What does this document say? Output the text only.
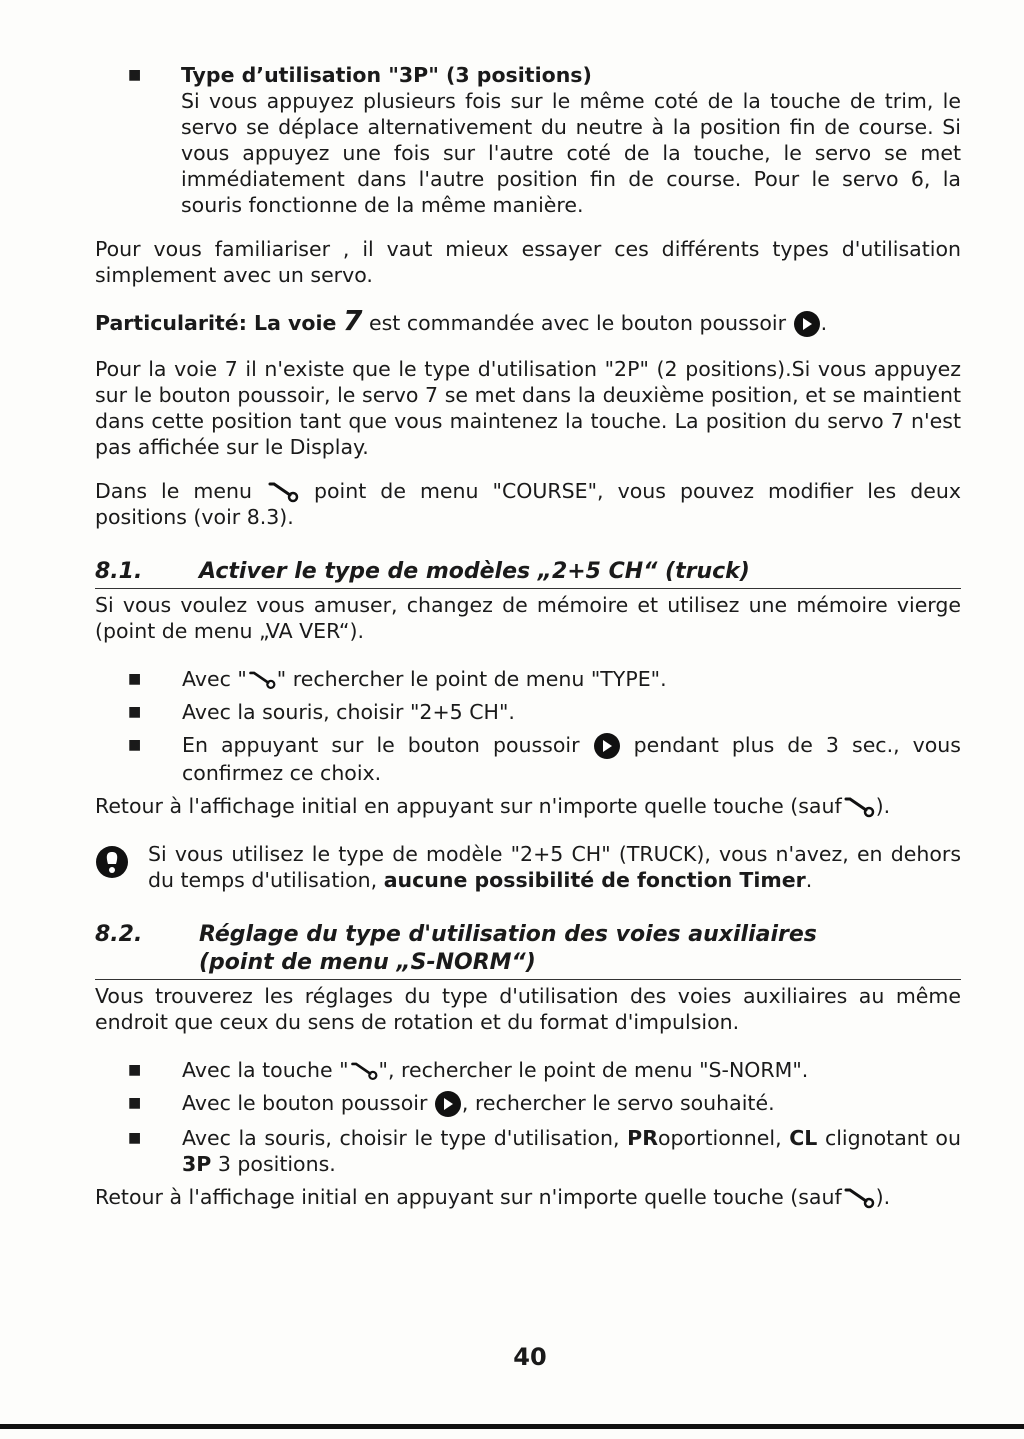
■ Type d’utilisation "3P" (3 positions)

Si vous appuyez plusieurs fois sur le même coté de la touche de trim, le servo se déplace alternativement du neutre à la position fin de course. Si vous appuyez une fois sur l'autre coté de la touche, le servo se met immédiatement dans l'autre position fin de course. Pour le servo 6, la souris fonctionne de la même manière.

Pour vous familiariser , il vaut mieux essayer ces différents types d'utilisation simplement avec un servo.

Particularité: La voie 7 est commandée avec le bouton poussoir .

Pour la voie 7 il n'existe que le type d'utilisation "2P" (2 positions).Si vous appuyez sur le bouton poussoir, le servo 7 se met dans la deuxième position, et se maintient dans cette position tant que vous maintenez la touche. La position du servo 7 n'est pas affichée sur le Display.

Dans le menu	point de menu "COURSE", vous pouvez modifier les deux positions (voir 8.3).

8.1.	Activer le type de modèles „2+5 CH“ (truck)

Si vous voulez vous amuser, changez de mémoire et utilisez une mémoire vierge (point de menu „VA VER“).

■ Avec " " rechercher le point de menu "TYPE".
■ Avec la souris, choisir "2+5 CH".
■ En appuyant sur le bouton poussoir	pendant plus de 3 sec., vous confirmez ce choix.

Retour à l'affichage initial en appuyant sur n'importe quelle touche (sauf ).

Si vous utilisez le type de modèle "2+5 CH" (TRUCK), vous n'avez, en dehors du temps d'utilisation, aucune possibilité de fonction Timer.

8.2.	Réglage du type d'utilisation des voies auxiliaires
(point de menu „S-NORM“)

Vous trouverez les réglages du type d'utilisation des voies auxiliaires au même endroit que ceux du sens de rotation et du format d'impulsion.

■ Avec la touche " ", rechercher le point de menu "S-NORM".
■ Avec le bouton poussoir , rechercher le servo souhaité.
■ Avec la souris, choisir le type d'utilisation, PRoportionnel, CL clignotant ou 3P 3 positions.

Retour à l'affichage initial en appuyant sur n'importe quelle touche (sauf ).

40
